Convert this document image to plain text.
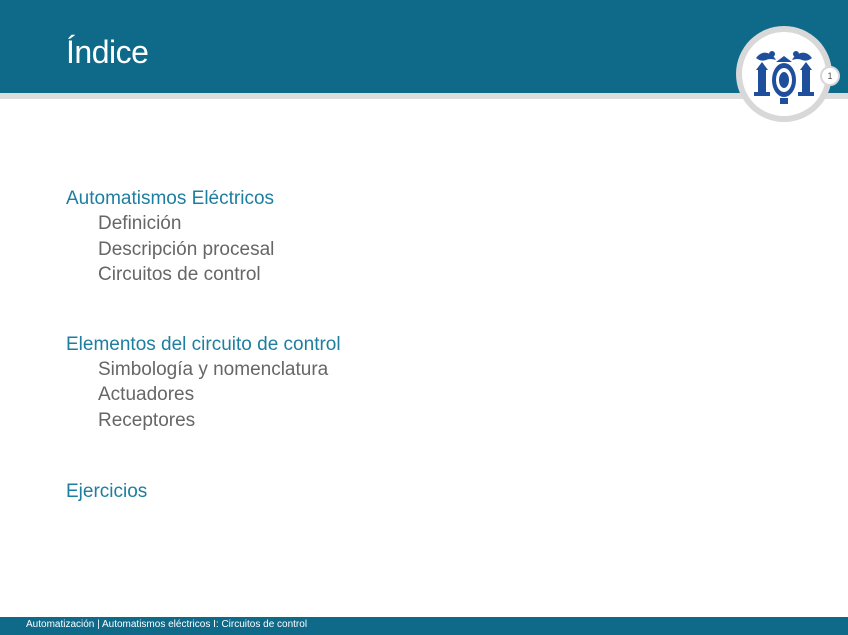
Índice
1
Automatismos Eléctricos
Definición
Descripción procesal
Circuitos de control
Elementos del circuito de control
Simbología y nomenclatura
Actuadores
Receptores
Ejercicios
Automatización | Automatismos eléctricos I: Circuitos de control
